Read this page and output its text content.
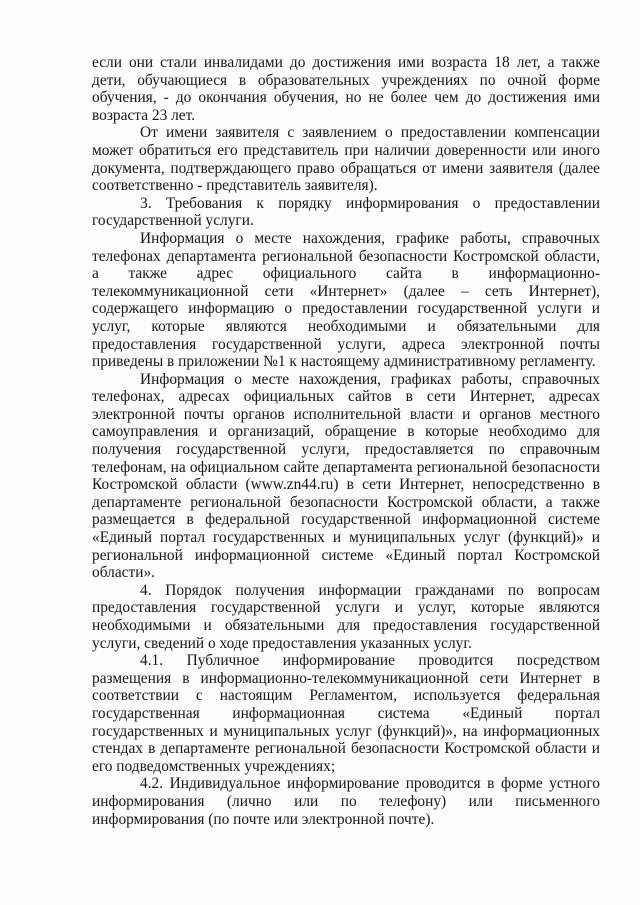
если они стали инвалидами до достижения ими возраста 18 лет, а также дети, обучающиеся в образовательных учреждениях по очной форме обучения, - до окончания обучения, но не более чем до достижения ими возраста 23 лет.

От имени заявителя с заявлением о предоставлении компенсации может обратиться его представитель при наличии доверенности или иного документа, подтверждающего право обращаться от имени заявителя (далее соответственно - представитель заявителя).

3. Требования к порядку информирования о предоставлении государственной услуги.

Информация о месте нахождения, графике работы, справочных телефонах департамента региональной безопасности Костромской области, а также адрес официального сайта в информационно-телекоммуникационной сети «Интернет» (далее – сеть Интернет), содержащего информацию о предоставлении государственной услуги и услуг, которые являются необходимыми и обязательными для предоставления государственной услуги, адреса электронной почты приведены в приложении №1 к настоящему административному регламенту.

Информация о месте нахождения, графиках работы, справочных телефонах, адресах официальных сайтов в сети Интернет, адресах электронной почты органов исполнительной власти и органов местного самоуправления и организаций, обращение в которые необходимо для получения государственной услуги, предоставляется по справочным телефонам, на официальном сайте департамента региональной безопасности Костромской области (www.zn44.ru) в сети Интернет, непосредственно в департаменте региональной безопасности Костромской области, а также размещается в федеральной государственной информационной системе «Единый портал государственных и муниципальных услуг (функций)» и региональной информационной системе «Единый портал Костромской области».

4. Порядок получения информации гражданами по вопросам предоставления государственной услуги и услуг, которые являются необходимыми и обязательными для предоставления государственной услуги, сведений о ходе предоставления указанных услуг.

4.1. Публичное информирование проводится посредством размещения в информационно-телекоммуникационной сети Интернет в соответствии с настоящим Регламентом, используется федеральная государственная информационная система «Единый портал государственных и муниципальных услуг (функций)», на информационных стендах в департаменте региональной безопасности Костромской области и его подведомственных учреждениях;

4.2. Индивидуальное информирование проводится в форме устного информирования (лично или по телефону) или письменного информирования (по почте или электронной почте).
